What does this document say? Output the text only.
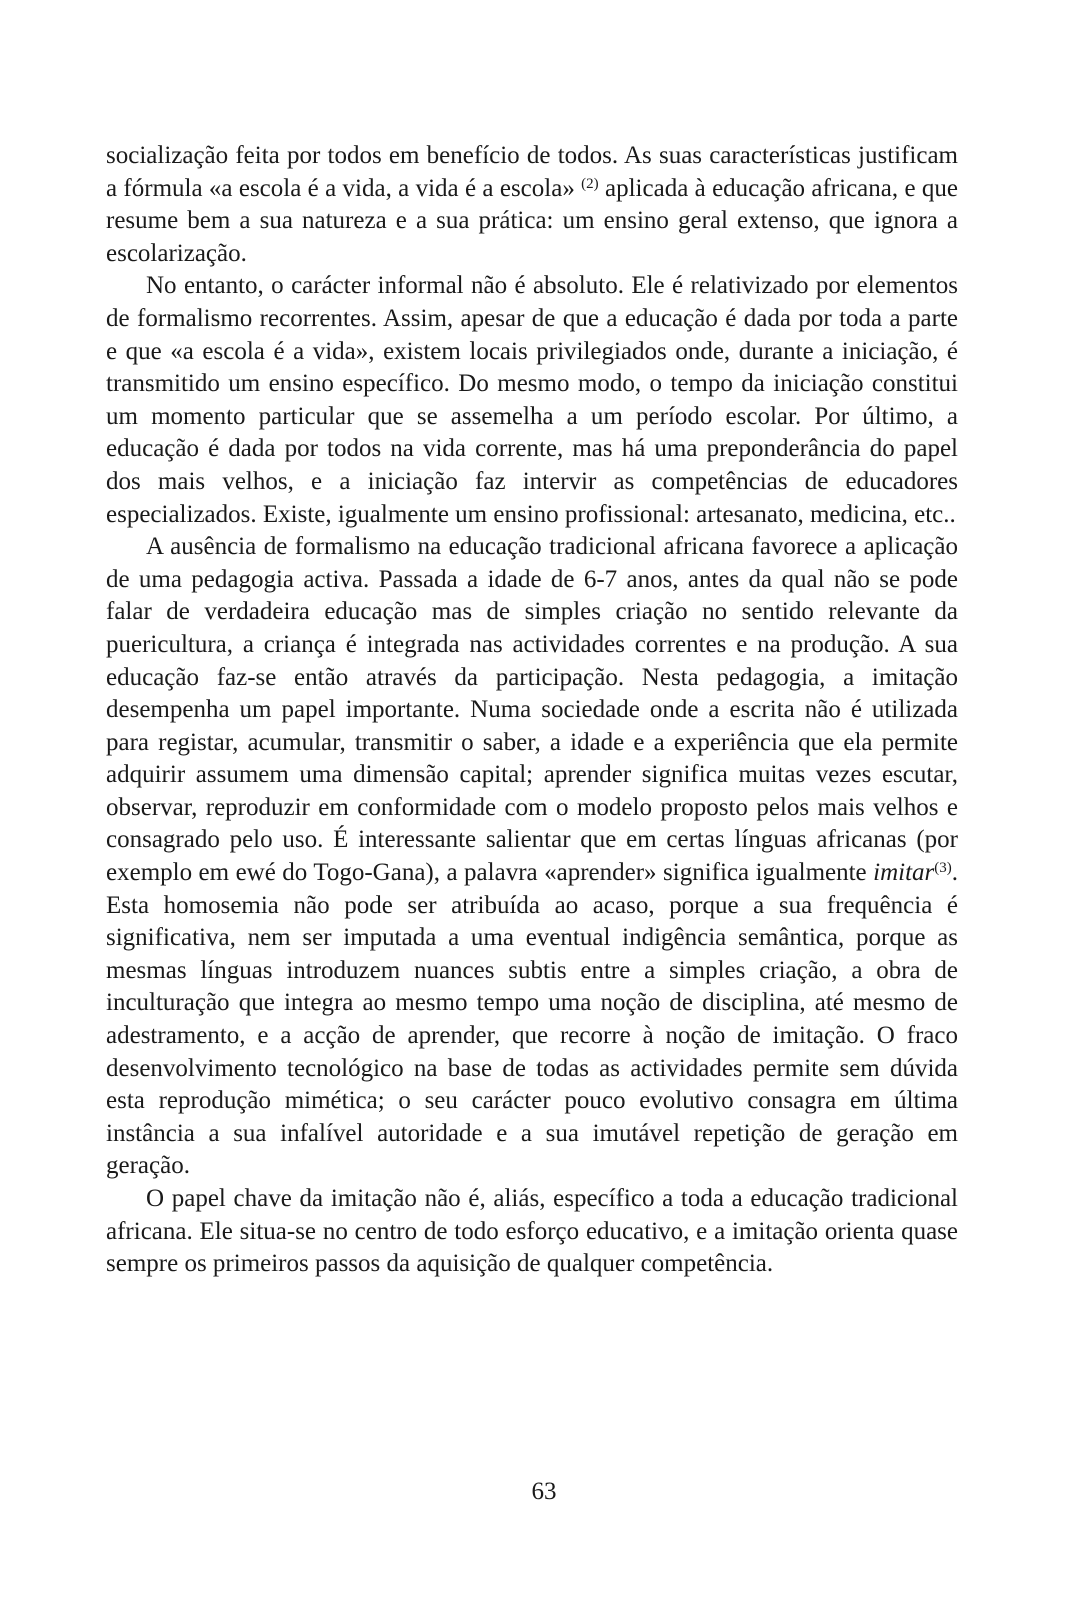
socialização feita por todos em benefício de todos. As suas características justificam a fórmula «a escola é a vida, a vida é a escola» $^{(2)}$ aplicada à educação africana, e que resume bem a sua natureza e a sua prática: um ensino geral extenso, que ignora a escolarização.

No entanto, o carácter informal não é absoluto. Ele é relativizado por elementos de formalismo recorrentes. Assim, apesar de que a educação é dada por toda a parte e que «a escola é a vida», existem locais privilegiados onde, durante a iniciação, é transmitido um ensino específico. Do mesmo modo, o tempo da iniciação constitui um momento particular que se assemelha a um período escolar. Por último, a educação é dada por todos na vida corrente, mas há uma preponderância do papel dos mais velhos, e a iniciação faz intervir as competências de educadores especializados. Existe, igualmente um ensino profissional: artesanato, medicina, etc..

A ausência de formalismo na educação tradicional africana favorece a aplicação de uma pedagogia activa. Passada a idade de 6-7 anos, antes da qual não se pode falar de verdadeira educação mas de simples criação no sentido relevante da puericultura, a criança é integrada nas actividades correntes e na produção. A sua educação faz-se então através da participação. Nesta pedagogia, a imitação desempenha um papel importante. Numa sociedade onde a escrita não é utilizada para registar, acumular, transmitir o saber, a idade e a experiência que ela permite adquirir assumem uma dimensão capital; aprender significa muitas vezes escutar, observar, reproduzir em conformidade com o modelo proposto pelos mais velhos e consagrado pelo uso. É interessante salientar que em certas línguas africanas (por exemplo em ewé do Togo-Gana), a palavra «aprender» significa igualmente imitar$^{(3)}$. Esta homosemia não pode ser atribuída ao acaso, porque a sua frequência é significativa, nem ser imputada a uma eventual indigência semântica, porque as mesmas línguas introduzem nuances subtis entre a simples criação, a obra de inculturação que integra ao mesmo tempo uma noção de disciplina, até mesmo de adestramento, e a acção de aprender, que recorre à noção de imitação. O fraco desenvolvimento tecnológico na base de todas as actividades permite sem dúvida esta reprodução mimética; o seu carácter pouco evolutivo consagra em última instância a sua infalível autoridade e a sua imutável repetição de geração em geração.

O papel chave da imitação não é, aliás, específico a toda a educação tradicional africana. Ele situa-se no centro de todo esforço educativo, e a imitação orienta quase sempre os primeiros passos da aquisição de qualquer competência.

63
